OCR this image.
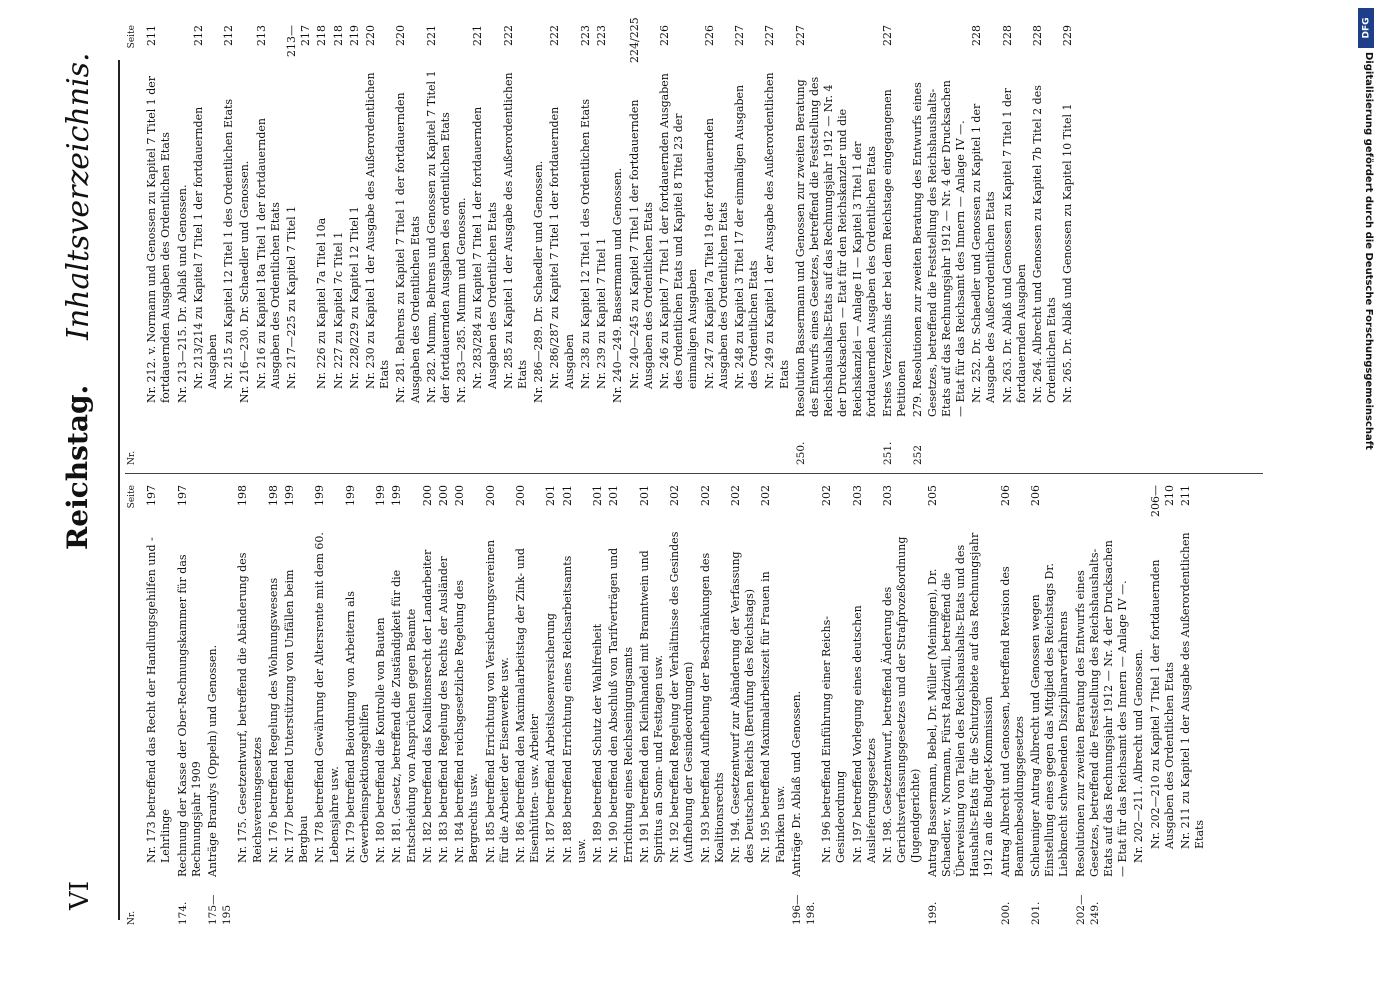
VI
Reichstag.
Inhaltsverzeichnis.
Nr.
Seite
Nr. 173 betreffend das Recht der Handlungsgehilfen und -Lehrlinge
197
174.
Rechnung der Kasse der Ober-Rechnungskammer für das Rechnungsjahr 1909
197
175—195
Anträge Brandys (Oppeln) und Genossen. Nr. 175. Gesetzentwurf, betreffend die Abänderung des Reichsvereinsgesetzes
198
Nr. 176 betreffend Regelung des Wohnungswesens
198
Nr. 177 betreffend Unterstützung von Unfällen beim Bergbau
199
Nr. 178 betreffend Gewährung der Altersrente mit dem 60. Lebensjahre usw.
199
Nr. 179 betreffend Beiordnung von Arbeitern als Gewerbeinspektionsgehilfen
199
Nr. 180 betreffend die Kontrolle von Bauten
199
Nr. 181. Gesetz, betreffend die Zuständigkeit für die Entscheidung von Ansprüchen gegen Beamte
199
Nr. 182 betreffend das Koalitionsrecht der Landarbeiter
200
Nr. 183 betreffend Regelung des Rechts der Ausländer
200
Nr. 184 betreffend reichsgesetzliche Regelung des Bergrechts usw.
200
Nr. 185 betreffend Errichtung von Versicherungsvereinen für die Arbeiter der Eisenwerke usw.
200
Nr. 186 betreffend den Maximalarbeitstag der Zink- und Eisenhütten- usw. Arbeiter
200
Nr. 187 betreffend Arbeitslosenversicherung
201
Nr. 188 betreffend Errichtung eines Reichsarbeitsamts usw.
201
Nr. 189 betreffend Schutz der Wahlfreiheit
201
Nr. 190 betreffend den Abschluß von Tarifverträgen und Errichtung eines Reichseinigungsamts
201
Nr. 191 betreffend den Kleinhandel mit Branntwein und Spiritus an Sonn- und Festtagen usw.
201
Nr. 192 betreffend Regelung der Verhältnisse des Gesindes (Aufhebung der Gesindeordnungen)
202
Nr. 193 betreffend Aufhebung der Beschränkungen des Koalitionsrechts
202
Nr. 194. Gesetzentwurf zur Abänderung der Verfassung des Deutschen Reichs (Berufung des Reichstags)
202
Nr. 195 betreffend Maximalarbeitszeit für Frauen in Fabriken usw.
202
196—198.
Anträge Dr. Ablaß und Genossen. Nr. 196 betreffend Einführung einer Reichs-Gesindeordnung
202
Nr. 197 betreffend Vorlegung eines deutschen Auslieferungsgesetzes
203
Nr. 198. Gesetzentwurf, betreffend Änderung des Gerichtsverfassungsgesetzes und der Strafprozeßordnung (Jugendgerichte)
203
199.
Antrag Bassermann, Bebel, Dr. Müller (Meiningen), Dr. Schaedler, v. Normann, Fürst Radziwill, betreffend die Überweisung von Teilen des Reichshaushalts-Etats und des Haushalts-Etats für die Schutzgebiete auf das Rechnungsjahr 1912 an die Budget-Kommission
205
200.
Antrag Albrecht und Genossen, betreffend Revision des Beamtenbesoldungsgesetzes
206
201.
Schleuniger Antrag Albrecht und Genossen wegen Einstellung eines gegen das Mitglied des Reichstags Dr. Liebknecht schwebenden Disziplinarverfahrens
206
202—249.
Resolutionen zur zweiten Beratung des Entwurfs eines Gesetzes, betreffend die Feststellung des Reichshaushalts-Etats auf das Rechnungsjahr 1912 — Nr. 4 der Drucksachen — Etat für das Reichsamt des Innern — Anlage IV —. Nr. 202—211. Albrecht und Genossen. Nr. 202—210 zu Kapitel 7 Titel 1 der fortdauernden Ausgaben des Ordentlichen Etats
206—210
Nr. 211 zu Kapitel 1 der Ausgabe des Außerordentlichen Etats
211
Nr.
Seite
Nr. 212. v. Normann und Genossen zu Kapitel 7 Titel 1 der fortdauernden Ausgaben des Ordentlichen Etats
211
Nr. 213—215. Dr. Ablaß und Genossen. Nr. 213/214 zu Kapitel 7 Titel 1 der fortdauernden Ausgaben
212
Nr. 215 zu Kapitel 12 Titel 1 des Ordentlichen Etats
212
Nr. 216—230. Dr. Schaedler und Genossen. Nr. 216 zu Kapitel 18a Titel 1 der fortdauernden Ausgaben des Ordentlichen Etats
213
Nr. 217—225 zu Kapitel 7 Titel 1
213—217
Nr. 226 zu Kapitel 7a Titel 10a
218
Nr. 227 zu Kapitel 7c Titel 1
218
Nr. 228/229 zu Kapitel 12 Titel 1
219
Nr. 230 zu Kapitel 1 der Ausgabe des Außerordentlichen Etats
220
Nr. 281. Behrens zu Kapitel 7 Titel 1 der fortdauernden Ausgaben des Ordentlichen Etats
220
Nr. 282. Mumm, Behrens und Genossen zu Kapitel 7 Titel 1 der fortdauernden Ausgaben des ordentlichen Etats
221
Nr. 283—285. Mumm und Genossen. Nr. 283/284 zu Kapitel 7 Titel 1 der fortdauernden Ausgaben des Ordentlichen Etats
221
Nr. 285 zu Kapitel 1 der Ausgabe des Außerordentlichen Etats
222
Nr. 286—289. Dr. Schaedler und Genossen. Nr. 286/287 zu Kapitel 7 Titel 1 der fortdauernden Ausgaben
222
Nr. 238 zu Kapitel 12 Titel 1 des Ordentlichen Etats
223
Nr. 239 zu Kapitel 7 Titel 1
223
Nr. 240—249. Bassermann und Genossen. Nr. 240—245 zu Kapitel 7 Titel 1 der fortdauernden Ausgaben des Ordentlichen Etats
224/225
Nr. 246 zu Kapitel 7 Titel 1 der fortdauernden Ausgaben des Ordentlichen Etats und Kapitel 8 Titel 23 der einmaligen Ausgaben
226
Nr. 247 zu Kapitel 7a Titel 19 der fortdauernden Ausgaben des Ordentlichen Etats
226
Nr. 248 zu Kapitel 3 Titel 17 der einmaligen Ausgaben des Ordentlichen Etats
227
Nr. 249 zu Kapitel 1 der Ausgabe des Außerordentlichen Etats
227
250.
Resolution Bassermann und Genossen zur zweiten Beratung des Entwurfs eines Gesetzes, betreffend die Feststellung des Reichshaushalts-Etats auf das Rechnungsjahr 1912 — Nr. 4 der Drucksachen — Etat für den Reichskanzler und die Reichskanzlei — Anlage II — Kapitel 3 Titel 1 der fortdauernden Ausgaben des Ordentlichen Etats
227
251.
Erstes Verzeichnis der bei dem Reichstage eingegangenen Petitionen
227
252
279. Resolutionen zur zweiten Beratung des Entwurfs eines Gesetzes, betreffend die Feststellung des Reichshaushalts-Etats auf das Rechnungsjahr 1912 — Nr. 4 der Drucksachen — Etat für das Reichsamt des Innern — Anlage IV —. Nr. 252. Dr. Schaedler und Genossen zu Kapitel 1 der Ausgabe des Außerordentlichen Etats
228
Nr. 263. Dr. Ablaß und Genossen zu Kapitel 7 Titel 1 der fortdauernden Ausgaben
228
Nr. 264. Albrecht und Genossen zu Kapitel 7b Titel 2 des Ordentlichen Etats
228
Nr. 265. Dr. Ablaß und Genossen zu Kapitel 10 Titel 1
229	DFG
Digitalisierung gefördert durch die Deutsche Forschungsgemeinschaft
